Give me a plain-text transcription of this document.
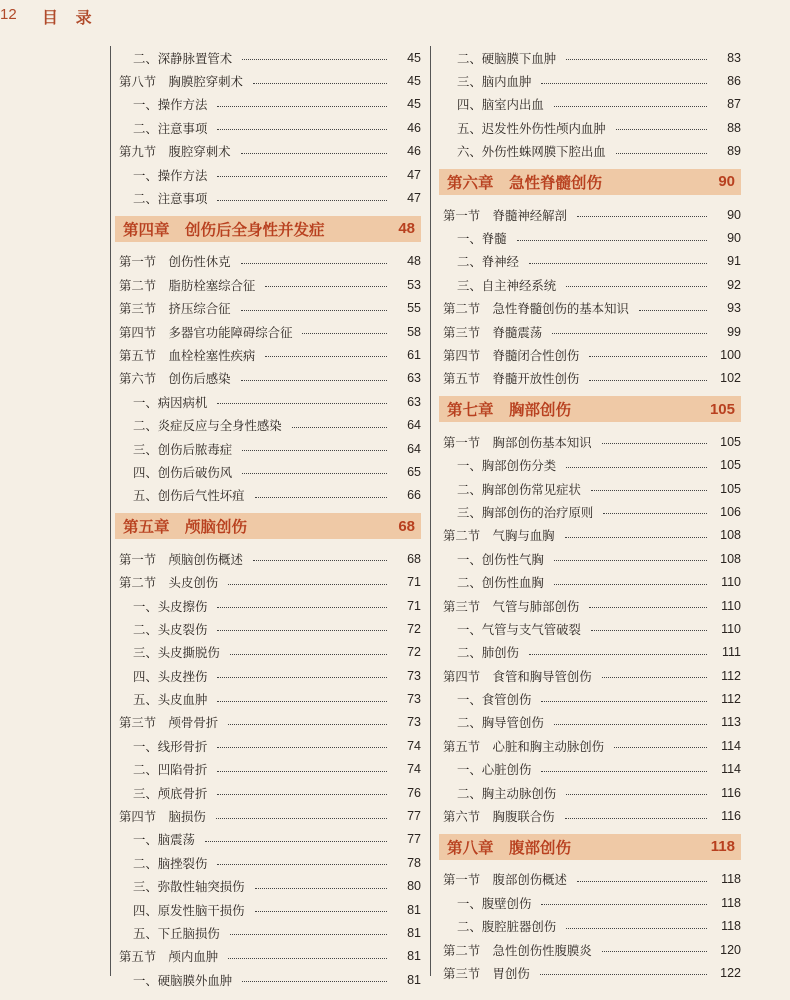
12 目 录
二、深静脉置管术	45
第八节　胸膜腔穿刺术	45
一、操作方法	45
二、注意事项	46
第九节　腹腔穿刺术	46
一、操作方法	47
二、注意事项	47
第四章　创伤后全身性并发症	48
第一节　创伤性休克	48
第二节　脂肪栓塞综合征	53
第三节　挤压综合征	55
第四节　多器官功能障碍综合征	58
第五节　血栓栓塞性疾病	61
第六节　创伤后感染	63
一、病因病机	63
二、炎症反应与全身性感染	64
三、创伤后脓毒症	64
四、创伤后破伤风	65
五、创伤后气性坏疽	66
第五章　颅脑创伤	68
第一节　颅脑创伤概述	68
第二节　头皮创伤	71
一、头皮擦伤	71
二、头皮裂伤	72
三、头皮撕脱伤	72
四、头皮挫伤	73
五、头皮血肿	73
第三节　颅骨骨折	73
一、线形骨折	74
二、凹陷骨折	74
三、颅底骨折	76
第四节　脑损伤	77
一、脑震荡	77
二、脑挫裂伤	78
三、弥散性轴突损伤	80
四、原发性脑干损伤	81
五、下丘脑损伤	81
第五节　颅内血肿	81
一、硬脑膜外血肿	81
二、硬脑膜下血肿	83
三、脑内血肿	86
四、脑室内出血	87
五、迟发性外伤性颅内血肿	88
六、外伤性蛛网膜下腔出血	89
第六章　急性脊髓创伤	90
第一节　脊髓神经解剖	90
一、脊髓	90
二、脊神经	91
三、自主神经系统	92
第二节　急性脊髓创伤的基本知识	93
第三节　脊髓震荡	99
第四节　脊髓闭合性创伤	100
第五节　脊髓开放性创伤	102
第七章　胸部创伤	105
第一节　胸部创伤基本知识	105
一、胸部创伤分类	105
二、胸部创伤常见症状	105
三、胸部创伤的治疗原则	106
第二节　气胸与血胸	108
一、创伤性气胸	108
二、创伤性血胸	110
第三节　气管与肺部创伤	110
一、气管与支气管破裂	110
二、肺创伤	111
第四节　食管和胸导管创伤	112
一、食管创伤	112
二、胸导管创伤	113
第五节　心脏和胸主动脉创伤	114
一、心脏创伤	114
二、胸主动脉创伤	116
第六节　胸腹联合伤	116
第八章　腹部创伤	118
第一节　腹部创伤概述	118
一、腹壁创伤	118
二、腹腔脏器创伤	118
第二节　急性创伤性腹膜炎	120
第三节　胃创伤	122
